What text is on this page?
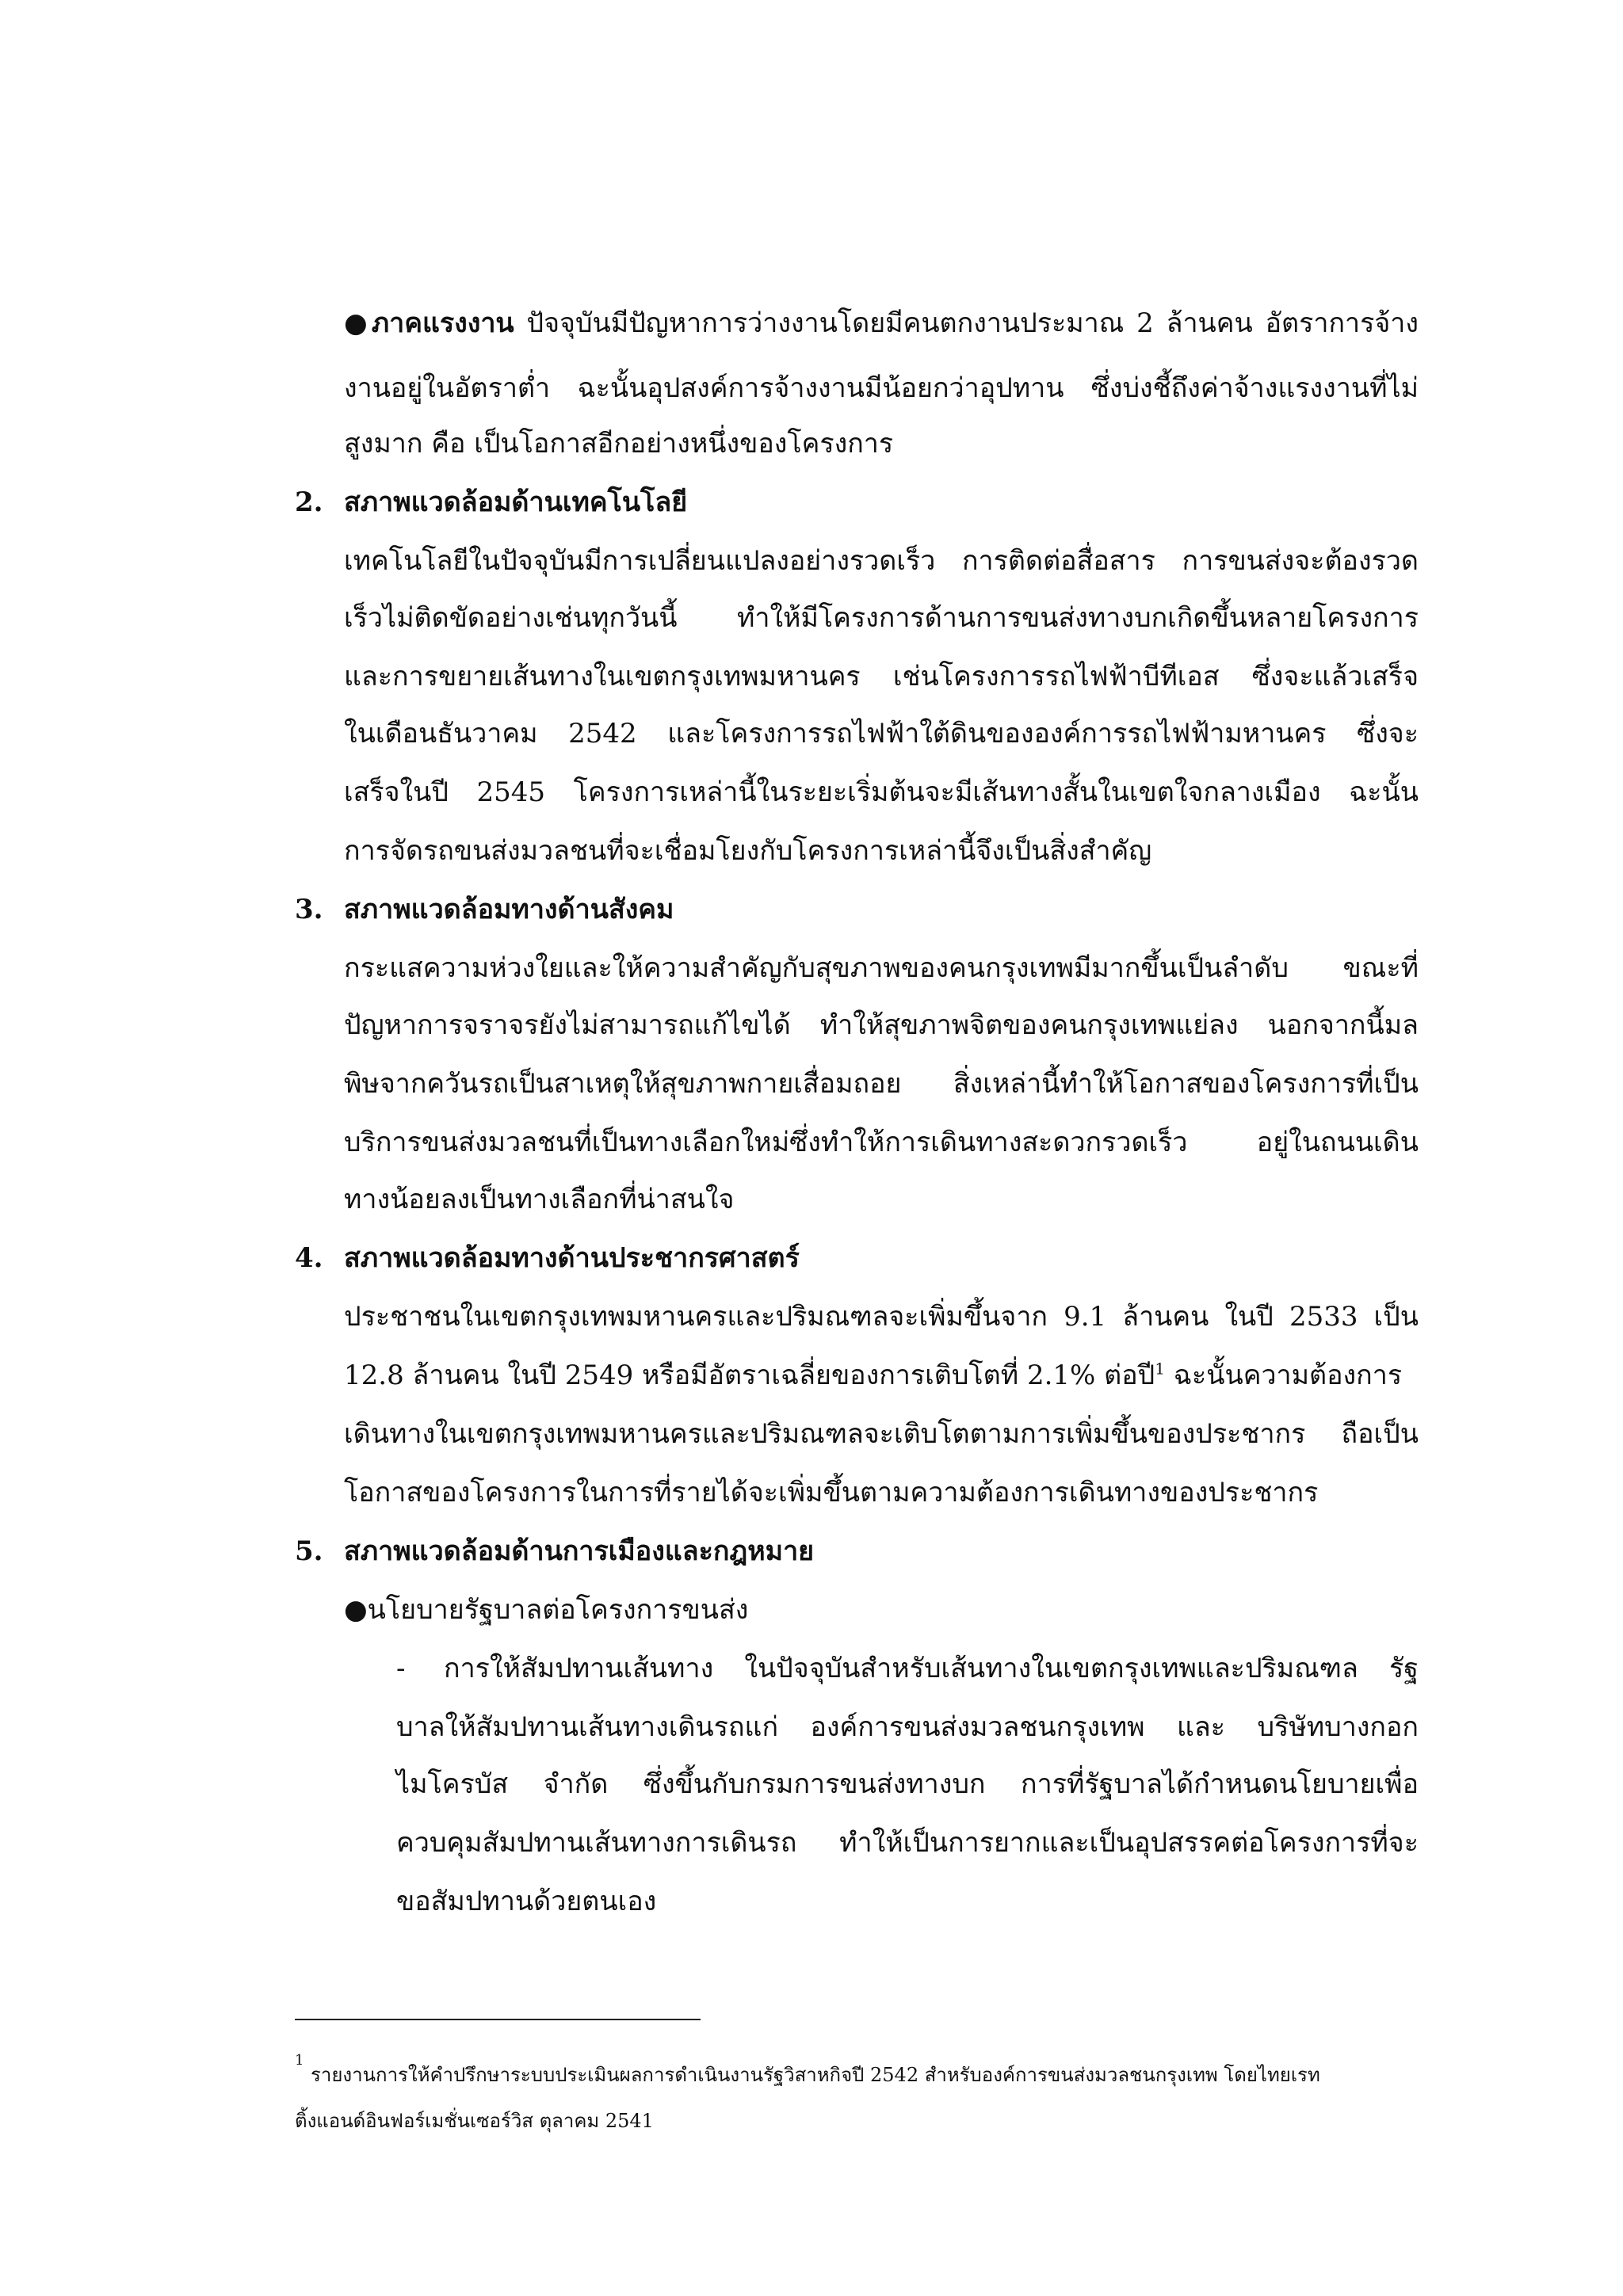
●ภาคแรงงาน ปัจจุบันมีปัญหาการว่างงานโดยมีคนตกงานประมาณ 2 ล้านคน อัตราการจ้าง
งานอยู่ในอัตราต่ำ ฉะนั้นอุปสงค์การจ้างงานมีน้อยกว่าอุปทาน ซึ่งบ่งชี้ถึงค่าจ้างแรงงานที่ไม่
สูงมาก คือ เป็นโอกาสอีกอย่างหนึ่งของโครงการ
2. สภาพแวดล้อมด้านเทคโนโลยี
เทคโนโลยีในปัจจุบันมีการเปลี่ยนแปลงอย่างรวดเร็ว การติดต่อสื่อสาร การขนส่งจะต้องรวด
เร็วไม่ติดขัดอย่างเช่นทุกวันนี้ ทำให้มีโครงการด้านการขนส่งทางบกเกิดขึ้นหลายโครงการ
และการขยายเส้นทางในเขตกรุงเทพมหานคร เช่นโครงการรถไฟฟ้าบีทีเอส ซึ่งจะแล้วเสร็จ
ในเดือนธันวาคม 2542 และโครงการรถไฟฟ้าใต้ดินขององค์การรถไฟฟ้ามหานคร ซึ่งจะ
เสร็จในปี 2545 โครงการเหล่านี้ในระยะเริ่มต้นจะมีเส้นทางสั้นในเขตใจกลางเมือง ฉะนั้น
การจัดรถขนส่งมวลชนที่จะเชื่อมโยงกับโครงการเหล่านี้จึงเป็นสิ่งสำคัญ
3. สภาพแวดล้อมทางด้านสังคม
กระแสความห่วงใยและให้ความสำคัญกับสุขภาพของคนกรุงเทพมีมากขึ้นเป็นลำดับ ขณะที่
ปัญหาการจราจรยังไม่สามารถแก้ไขได้ ทำให้สุขภาพจิตของคนกรุงเทพแย่ลง นอกจากนี้มล
พิษจากควันรถเป็นสาเหตุให้สุขภาพกายเสื่อมถอย สิ่งเหล่านี้ทำให้โอกาสของโครงการที่เป็น
บริการขนส่งมวลชนที่เป็นทางเลือกใหม่ซึ่งทำให้การเดินทางสะดวกรวดเร็ว อยู่ในถนนเดิน
ทางน้อยลงเป็นทางเลือกที่น่าสนใจ
4. สภาพแวดล้อมทางด้านประชากรศาสตร์
ประชาชนในเขตกรุงเทพมหานครและปริมณฑลจะเพิ่มขึ้นจาก 9.1 ล้านคน ในปี 2533 เป็น
12.8 ล้านคน ในปี 2549 หรือมีอัตราเฉลี่ยของการเติบโตที่ 2.1% ต่อปี$^1$ ฉะนั้นความต้องการ
เดินทางในเขตกรุงเทพมหานครและปริมณฑลจะเติบโตตามการเพิ่มขึ้นของประชากร ถือเป็น
โอกาสของโครงการในการที่รายได้จะเพิ่มขึ้นตามความต้องการเดินทางของประชากร
5. สภาพแวดล้อมด้านการเมืองและกฎหมาย
●นโยบายรัฐบาลต่อโครงการขนส่ง
- การให้สัมปทานเส้นทาง ในปัจจุบันสำหรับเส้นทางในเขตกรุงเทพและปริมณฑล รัฐ
บาลให้สัมปทานเส้นทางเดินรถแก่ องค์การขนส่งมวลชนกรุงเทพ และ บริษัทบางกอก
ไมโครบัส จำกัด ซึ่งขึ้นกับกรมการขนส่งทางบก การที่รัฐบาลได้กำหนดนโยบายเพื่อ
ควบคุมสัมปทานเส้นทางการเดินรถ ทำให้เป็นการยากและเป็นอุปสรรคต่อโครงการที่จะ
ขอสัมปทานด้วยตนเอง
1
รายงานการให้คำปรึกษาระบบประเมินผลการดำเนินงานรัฐวิสาหกิจปี 2542 สำหรับองค์การขนส่งมวลชนกรุงเทพ โดยไทยเรท
ติ้งแอนด์อินฟอร์เมชั่นเซอร์วิส ตุลาคม 2541
